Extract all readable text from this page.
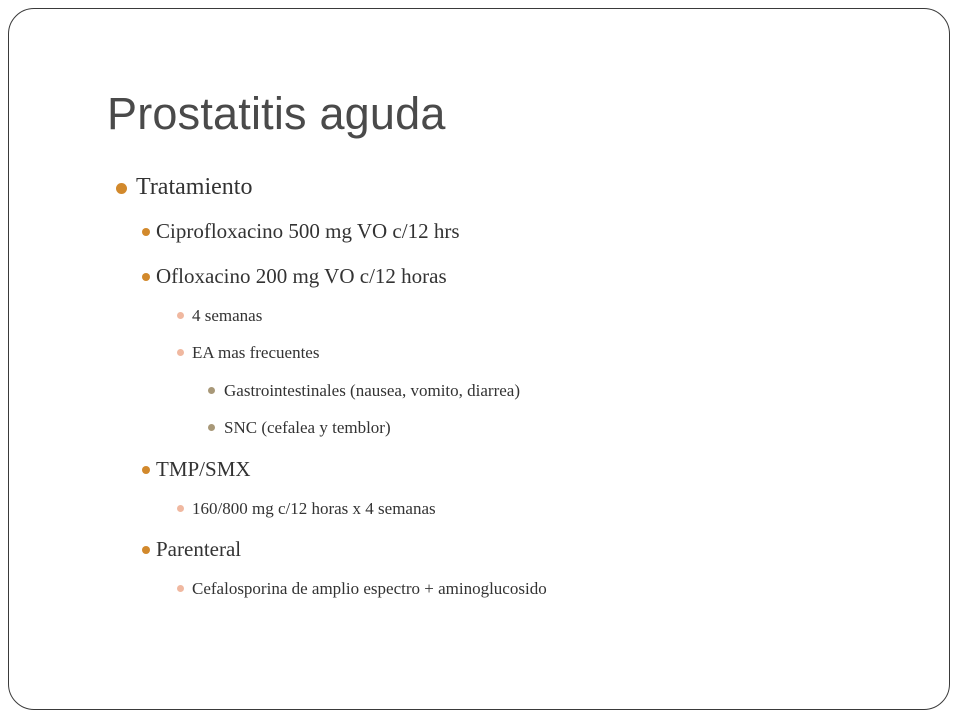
Prostatitis aguda
Tratamiento
Ciprofloxacino 500 mg VO c/12 hrs
Ofloxacino 200 mg VO c/12 horas
4 semanas
EA mas frecuentes
Gastrointestinales (nausea, vomito, diarrea)
SNC (cefalea y temblor)
TMP/SMX
160/800 mg c/12 horas x 4 semanas
Parenteral
Cefalosporina de amplio espectro + aminoglucosido
